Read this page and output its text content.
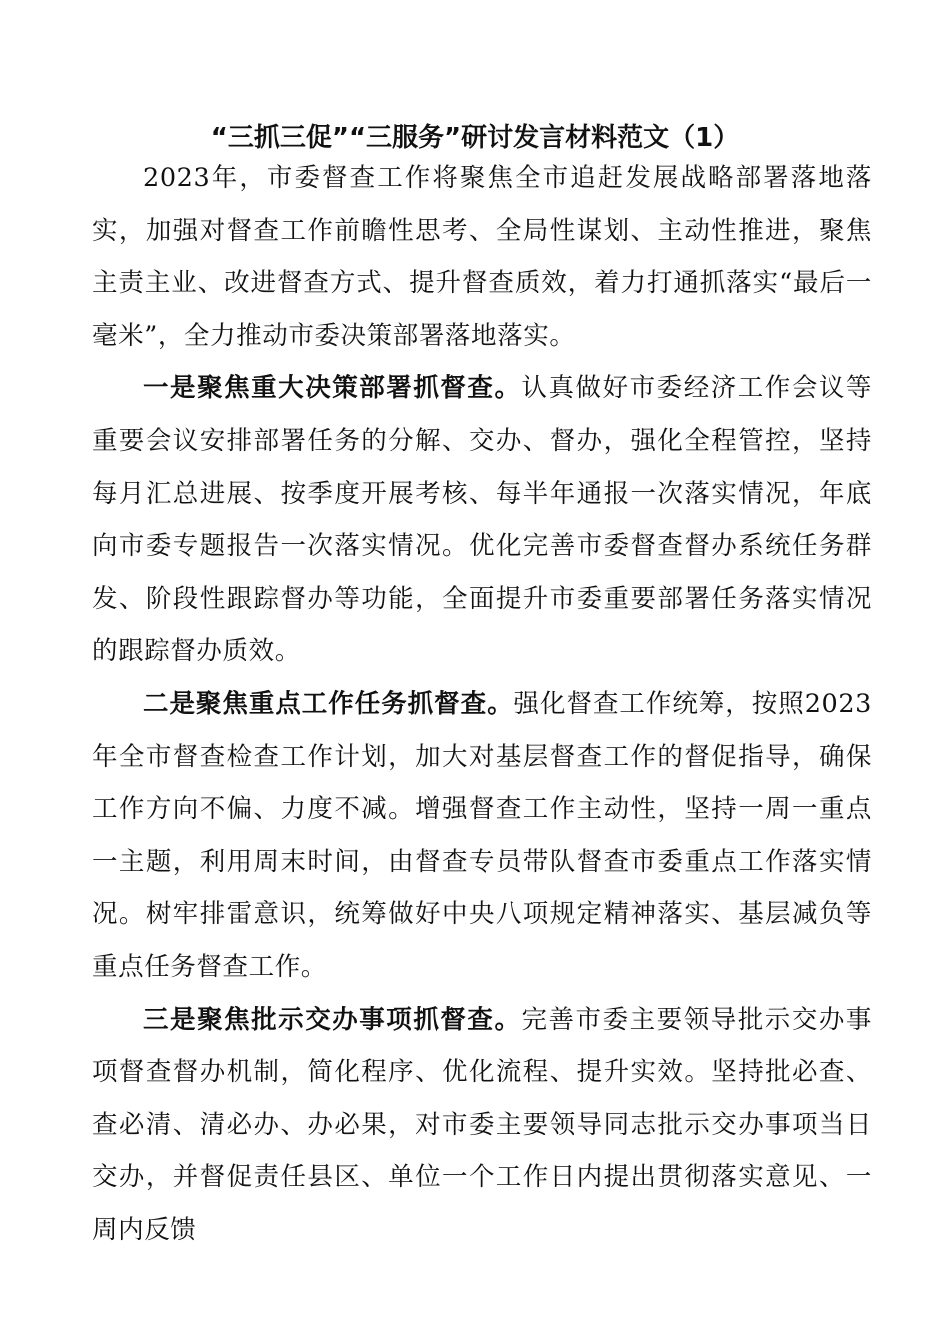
“三抓三促”“三服务”研讨发言材料范文（1）

2023年，市委督查工作将聚焦全市追赶发展战略部署落地落实，加强对督查工作前瞻性思考、全局性谋划、主动性推进，聚焦主责主业、改进督查方式、提升督查质效，着力打通抓落实“最后一毫米”，全力推动市委决策部署落地落实。

一是聚焦重大决策部署抓督查。认真做好市委经济工作会议等重要会议安排部署任务的分解、交办、督办，强化全程管控，坚持每月汇总进展、按季度开展考核、每半年通报一次落实情况，年底向市委专题报告一次落实情况。优化完善市委督查督办系统任务群发、阶段性跟踪督办等功能，全面提升市委重要部署任务落实情况的跟踪督办质效。

二是聚焦重点工作任务抓督查。强化督查工作统筹，按照2023年全市督查检查工作计划，加大对基层督查工作的督促指导，确保工作方向不偏、力度不减。增强督查工作主动性，坚持一周一重点一主题，利用周末时间，由督查专员带队督查市委重点工作落实情况。树牢排雷意识，统筹做好中央八项规定精神落实、基层减负等重点任务督查工作。

三是聚焦批示交办事项抓督查。完善市委主要领导批示交办事项督查督办机制，简化程序、优化流程、提升实效。坚持批必查、查必清、清必办、办必果，对市委主要领导同志批示交办事项当日交办，并督促责任县区、单位一个工作日内提出贯彻落实意见、一周内反馈
